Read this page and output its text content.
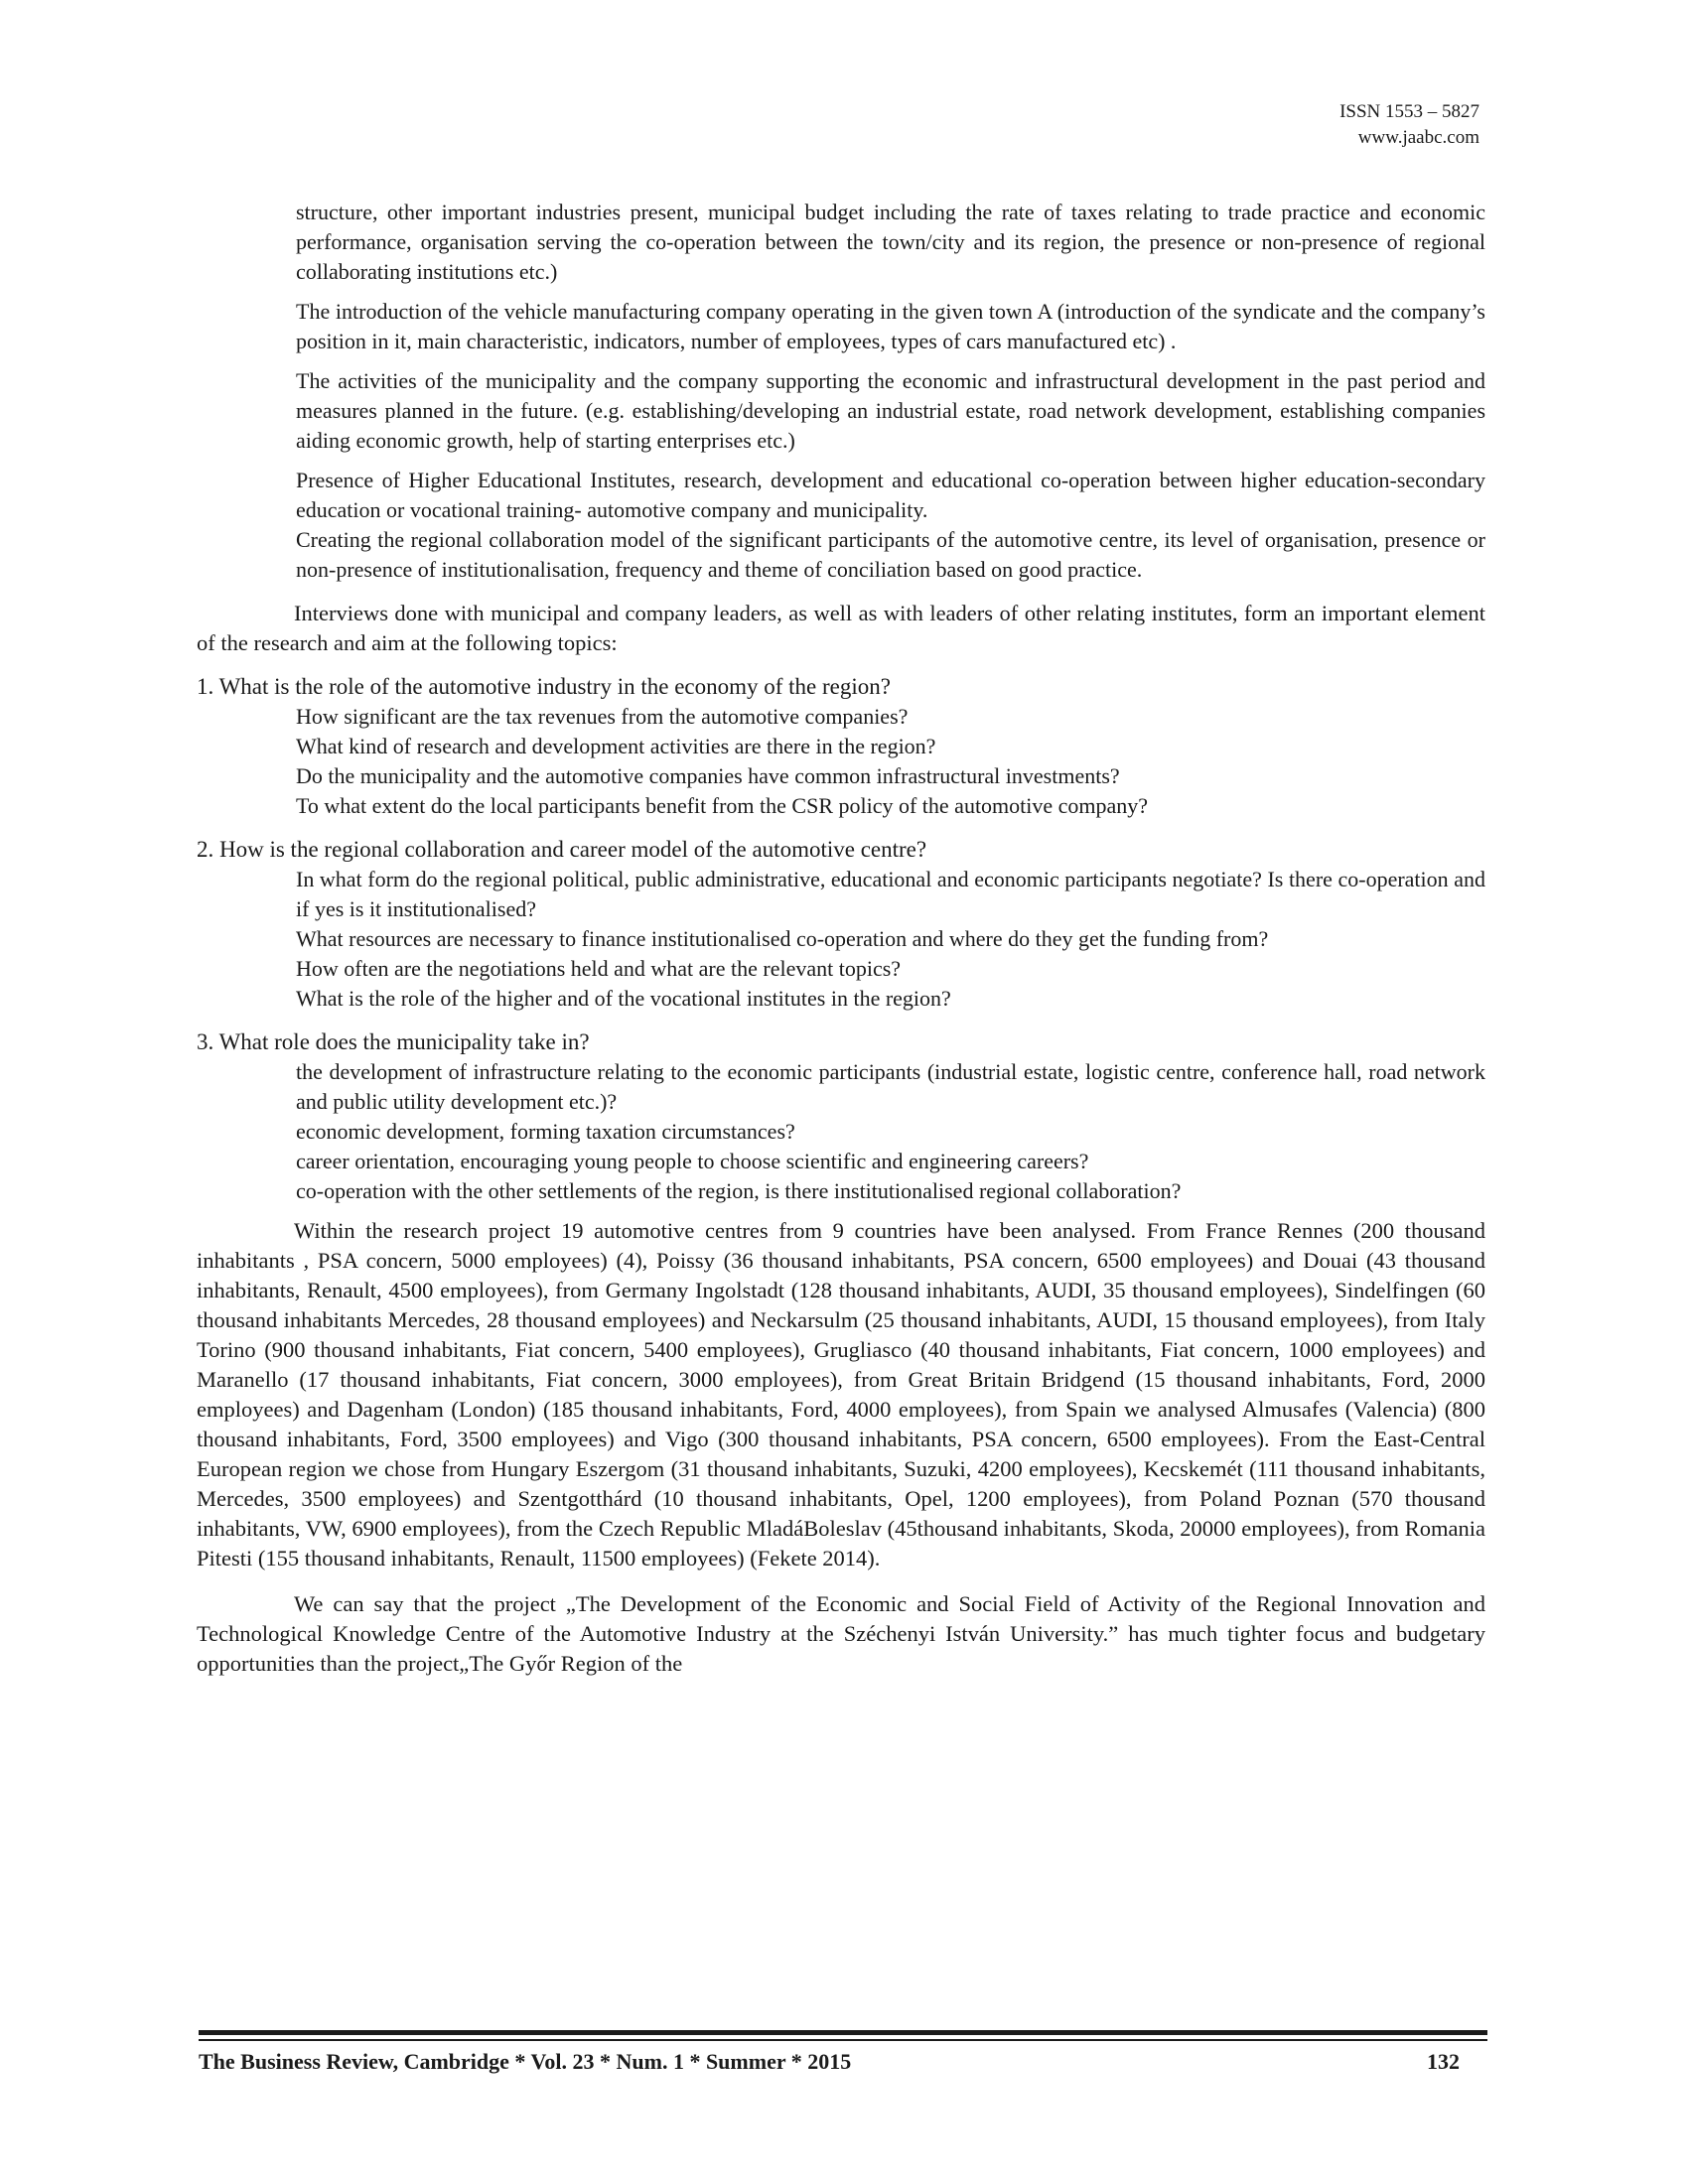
ISSN 1553 – 5827
www.jaabc.com

structure, other important industries present, municipal budget including the rate of taxes relating to trade practice and economic performance, organisation serving the co-operation between the town/city and its region, the presence or non-presence of regional collaborating institutions etc.)

The introduction of the vehicle manufacturing company operating in the given town A (introduction of the syndicate and the company’s position in it, main characteristic, indicators, number of employees, types of cars manufactured etc) .

The activities of the municipality and the company supporting the economic and infrastructural development in the past period and measures planned in the future. (e.g. establishing/developing an industrial estate, road network development, establishing companies aiding economic growth, help of starting enterprises etc.)

Presence of Higher Educational Institutes, research, development and educational co-operation between higher education-secondary education or vocational training- automotive company and municipality.

Creating the regional collaboration model of the significant participants of the automotive centre, its level of organisation, presence or non-presence of institutionalisation, frequency and theme of conciliation based on good practice.

Interviews done with municipal and company leaders, as well as with leaders of other relating institutes, form an important element of the research and aim at the following topics:

1. What is the role of the automotive industry in the economy of the region?

How significant are the tax revenues from the automotive companies?

What kind of research and development activities are there in the region?

Do the municipality and the automotive companies have common infrastructural investments?

To what extent do the local participants benefit from the CSR policy of the automotive company?

2. How is the regional collaboration and career model of the automotive centre?

In what form do the regional political, public administrative, educational and economic participants negotiate? Is there co-operation and if yes is it institutionalised?

What resources are necessary to finance institutionalised co-operation and where do they get the funding from?

How often are the negotiations held and what are the relevant topics?

What is the role of the higher and of the vocational institutes in the region?

3. What role does the municipality take in?

the development of infrastructure relating to the economic participants (industrial estate, logistic centre, conference hall, road network and public utility development etc.)?

economic development, forming taxation circumstances?

career orientation, encouraging young people to choose scientific and engineering careers?

co-operation with the other settlements of the region, is there institutionalised regional collaboration?

Within the research project 19 automotive centres from 9 countries have been analysed. From France Rennes (200 thousand inhabitants , PSA concern, 5000 employees) (4), Poissy (36 thousand inhabitants, PSA concern, 6500 employees) and Douai (43 thousand inhabitants, Renault, 4500 employees), from Germany Ingolstadt (128 thousand inhabitants, AUDI, 35 thousand employees), Sindelfingen (60 thousand inhabitants Mercedes, 28 thousand employees) and Neckarsulm (25 thousand inhabitants, AUDI, 15 thousand employees), from Italy Torino (900 thousand inhabitants, Fiat concern, 5400 employees), Grugliasco (40 thousand inhabitants, Fiat concern, 1000 employees) and Maranello (17 thousand inhabitants, Fiat concern, 3000 employees), from Great Britain Bridgend (15 thousand inhabitants, Ford, 2000 employees) and Dagenham (London) (185 thousand inhabitants, Ford, 4000 employees), from Spain we analysed Almusafes (Valencia) (800 thousand inhabitants, Ford, 3500 employees) and Vigo (300 thousand inhabitants, PSA concern, 6500 employees). From the East-Central European region we chose from Hungary Eszergom (31 thousand inhabitants, Suzuki, 4200 employees), Kecskemét (111 thousand inhabitants, Mercedes, 3500 employees) and Szentgotthárd (10 thousand inhabitants, Opel, 1200 employees), from Poland Poznan (570 thousand inhabitants, VW, 6900 employees), from the Czech Republic MladáBoleslav (45thousand inhabitants, Skoda, 20000 employees), from Romania Pitesti (155 thousand inhabitants, Renault, 11500 employees) (Fekete 2014).

We can say that the project „The Development of the Economic and Social Field of Activity of the Regional Innovation and Technological Knowledge Centre of the Automotive Industry at the Széchenyi István University.” has much tighter focus and budgetary opportunities than the project„The Győr Region of the

The Business Review, Cambridge * Vol. 23 * Num. 1 * Summer * 2015	132
